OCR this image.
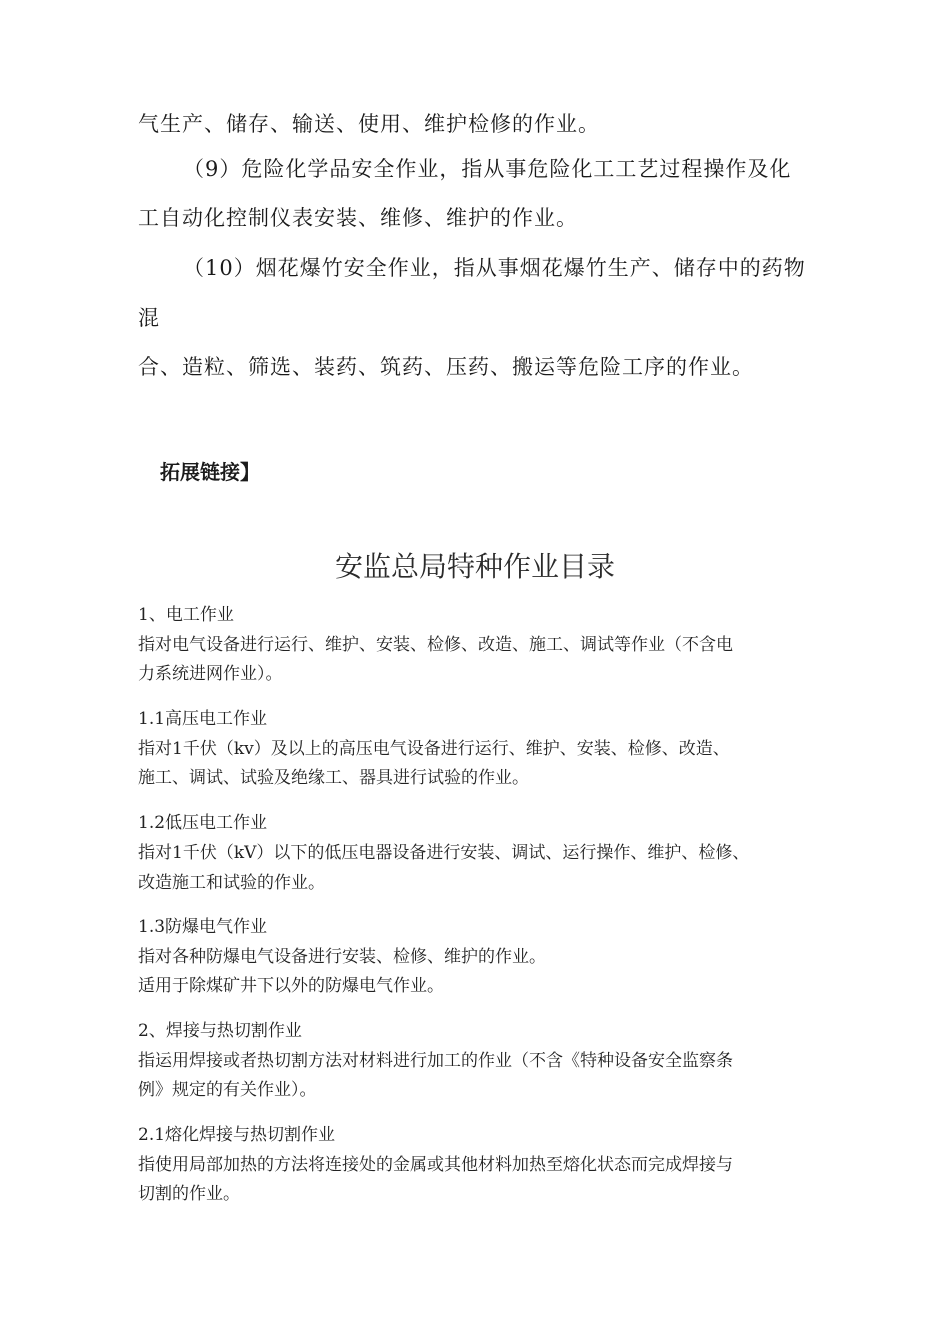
气生产、储存、输送、使用、维护检修的作业。

（9）危险化学品安全作业，指从事危险化工工艺过程操作及化

工自动化控制仪表安装、维修、维护的作业。

（10）烟花爆竹安全作业，指从事烟花爆竹生产、储存中的药物

混

合、造粒、筛选、装药、筑药、压药、搬运等危险工序的作业。

拓展链接】
安监总局特种作业目录

1、电工作业

指对电气设备进行运行、维护、安装、检修、改造、施工、调试等作业（不含电

力系统进网作业）。

1.1高压电工作业

指对1千伏（kv）及以上的高压电气设备进行运行、维护、安装、检修、改造、

施工、调试、试验及绝缘工、器具进行试验的作业。

1.2低压电工作业

指对1千伏（kV）以下的低压电器设备进行安装、调试、运行操作、维护、检修、

改造施工和试验的作业。

1.3防爆电气作业

指对各种防爆电气设备进行安装、检修、维护的作业。

适用于除煤矿井下以外的防爆电气作业。

2、焊接与热切割作业

指运用焊接或者热切割方法对材料进行加工的作业（不含《特种设备安全监察条

例》规定的有关作业）。

2.1熔化焊接与热切割作业

指使用局部加热的方法将连接处的金属或其他材料加热至熔化状态而完成焊接与

切割的作业。
